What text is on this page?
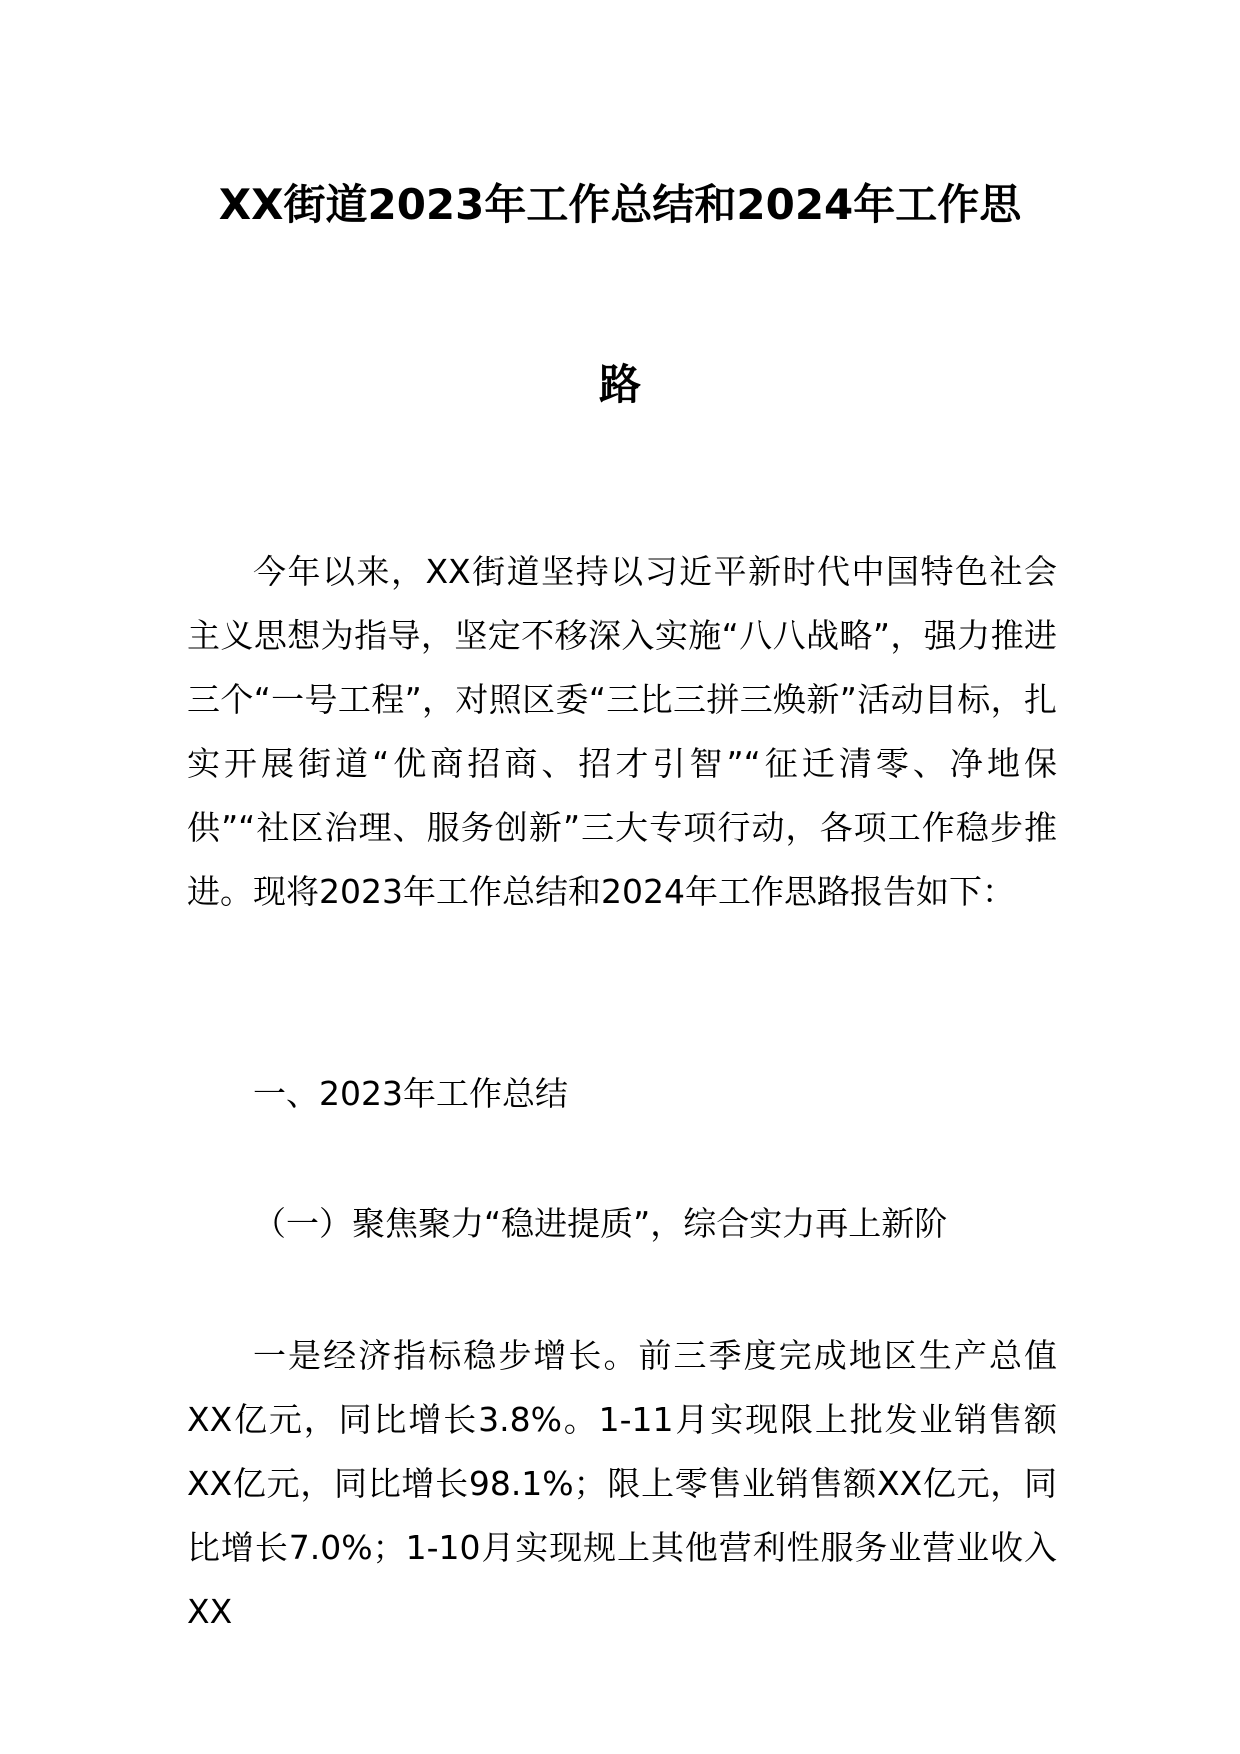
XX街道2023年工作总结和2024年工作思
路
今年以来，XX街道坚持以习近平新时代中国特色社会主义思想为指导，坚定不移深入实施“八八战略”，强力推进三个“一号工程”，对照区委“三比三拼三焕新”活动目标，扎实开展街道“优商招商、招才引智”“征迁清零、净地保供”“社区治理、服务创新”三大专项行动，各项工作稳步推进。现将2023年工作总结和2024年工作思路报告如下：
一、2023年工作总结
（一）聚焦聚力“稳进提质”，综合实力再上新阶
一是经济指标稳步增长。前三季度完成地区生产总值XX亿元，同比增长3.8%。1-11月实现限上批发业销售额XX亿元，同比增长98.1%；限上零售业销售额XX亿元，同比增长7.0%；1-10月实现规上其他营利性服务业营业收入XX
